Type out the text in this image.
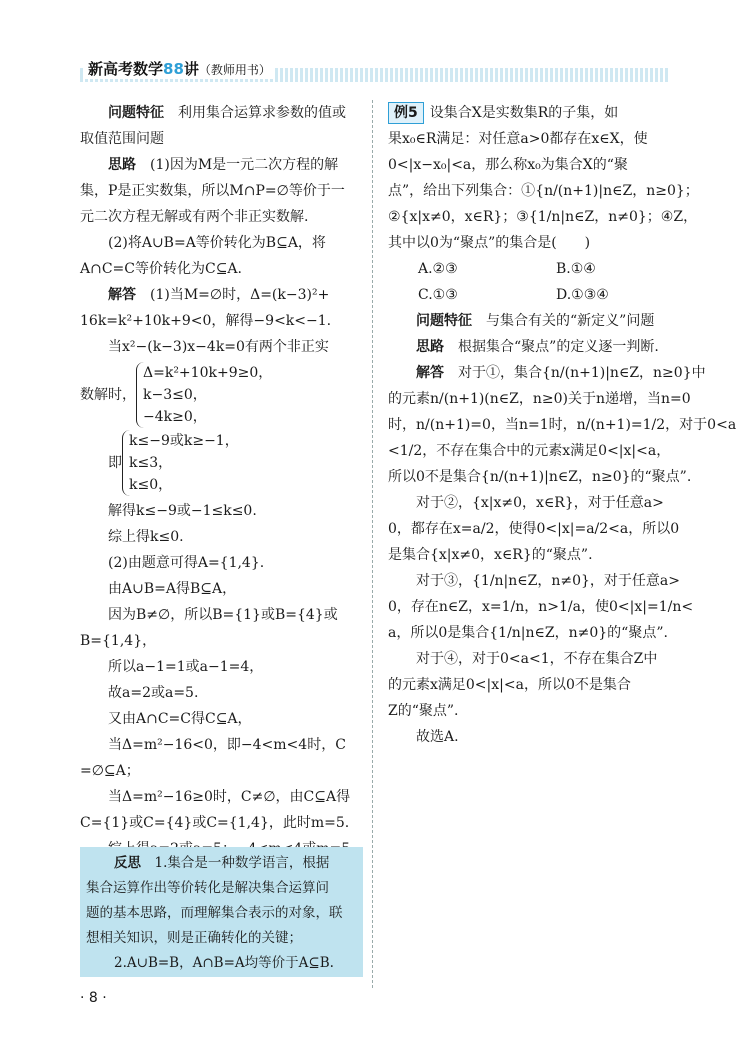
新高考数学88讲（教师用书）
问题特征　 利用集合运算求参数的值或
取值范围问题
思路　 (1)因为M是一元二次方程的解
集，P是正实数集，所以M∩P=∅等价于一
元二次方程无解或有两个非正实数解.
(2)将A∪B=A等价转化为B⊆A，将
A∩C=C等价转化为C⊆A.
解答　 (1)当M=∅时，Δ=(k−3)²+
16k=k²+10k+9<0，解得−9<k<−1.
当x²−(k−3)x−4k=0有两个非正实
数解时，
Δ=k²+10k+9≥0，
k−3≤0，
−4k≥0，
即
k≤−9或k≥−1，
k≤3，
k≤0，
解得k≤−9或−1≤k≤0.
综上得k≤0.
(2)由题意可得A={1,4}.
由A∪B=A得B⊆A，
因为B≠∅，所以B={1}或B={4}或
B={1,4}，
所以a−1=1或a−1=4，
故a=2或a=5.
又由A∩C=C得C⊆A，
当Δ=m²−16<0，即−4<m<4时，C
=∅⊆A；
当Δ=m²−16≥0时，C≠∅，由C⊆A得
C={1}或C={4}或C={1,4}，此时m=5.
反思　 1.集合是一种数学语言，根据
集合运算作出等价转化是解决集合运算问
题的基本思路，而理解集合表示的对象，联
想相关知识，则是正确转化的关键；
2.A∪B=B，A∩B=A均等价于A⊆B.
例5 设集合X是实数集R的子集，如
果x₀∈R满足：对任意a>0都存在x∈X，使
0<|x−x₀|<a，那么称x₀为集合X的“聚
点”，给出下列集合：①{n/(n+1)|n∈Z，n≥0}；
②{x|x≠0，x∈R}；③{1/n|n∈Z，n≠0}；④Z，
其中以0为“聚点”的集合是(　　)
A.②③	B.①④
C.①③	D.①③④
问题特征　 与集合有关的“新定义”问题
思路　 根据集合“聚点”的定义逐一判断.
解答　 对于①，集合{n/(n+1)|n∈Z，n≥0}中
的元素n/(n+1)(n∈Z，n≥0)关于n递增，当n=0
时，n/(n+1)=0，当n=1时，n/(n+1)=1/2，对于0<a
<1/2，不存在集合中的元素x满足0<|x|<a，
所以0不是集合{n/(n+1)|n∈Z，n≥0}的“聚点”.
对于②，{x|x≠0，x∈R}，对于任意a>
0，都存在x=a/2，使得0<|x|=a/2<a，所以0
是集合{x|x≠0，x∈R}的“聚点”.
对于③，{1/n|n∈Z，n≠0}，对于任意a>
0，存在n∈Z，x=1/n，n>1/a，使0<|x|=1/n<
a，所以0是集合{1/n|n∈Z，n≠0}的“聚点”.
对于④，对于0<a<1，不存在集合Z中
的元素x满足0<|x|<a，所以0不是集合
Z的“聚点”.
故选A.
· 8 ·
